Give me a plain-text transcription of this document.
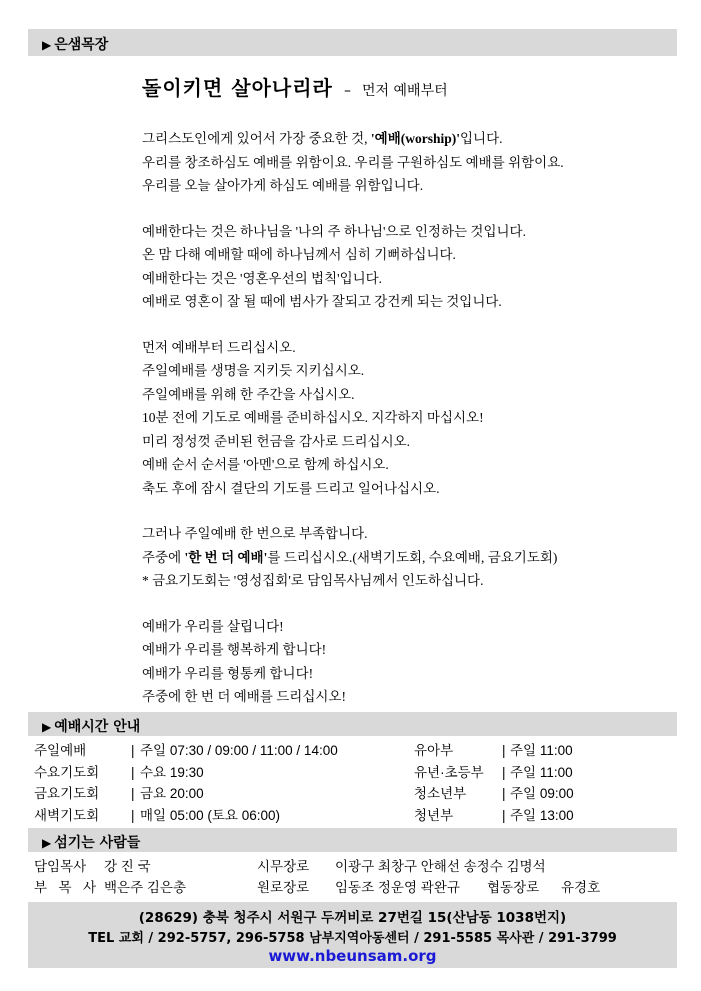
▶ 은샘목장
돌이키면 살아나리라 – 먼저 예배부터
그리스도인에게 있어서 가장 중요한 것, '예배(worship)'입니다.
우리를 창조하심도 예배를 위함이요. 우리를 구원하심도 예배를 위함이요.
우리를 오늘 살아가게 하심도 예배를 위함입니다.
예배한다는 것은 하나님을 '나의 주 하나님'으로 인정하는 것입니다.
온 맘 다해 예배할 때에 하나님께서 심히 기뻐하십니다.
예배한다는 것은 '영혼우선의 법칙'입니다.
예배로 영혼이 잘 될 때에 범사가 잘되고 강건케 되는 것입니다.
먼저 예배부터 드리십시오.
주일예배를 생명을 지키듯 지키십시오.
주일예배를 위해 한 주간을 사십시오.
10분 전에 기도로 예배를 준비하십시오. 지각하지 마십시오!
미리 정성껏 준비된 헌금을 감사로 드리십시오.
예배 순서 순서를 '아멘'으로 함께 하십시오.
축도 후에 잠시 결단의 기도를 드리고 일어나십시오.
그러나 주일예배 한 번으로 부족합니다.
주중에 '한 번 더 예배'를 드리십시오.(새벽기도회, 수요예배, 금요기도회)
* 금요기도회는 '영성집회'로 담임목사님께서 인도하십니다.
예배가 우리를 살립니다!
예배가 우리를 행복하게 합니다!
예배가 우리를 형통케 합니다!
주중에 한 번 더 예배를 드리십시오!
▶ 예배시간 안내
주일예배	| 주일 07:30 / 09:00 / 11:00 / 14:00	유아부	| 주일 11:00
수요기도회	| 수요 19:30	유년·초등부	| 주일 11:00
금요기도회	| 금요 20:00	청소년부	| 주일 09:00
새벽기도회	| 매일 05:00 (토요 06:00)	청년부	| 주일 13:00
▶ 섬기는 사람들
담임목사	강 진 국	시무장로 이광구 최창구 안해선 송정수 김명석
부 목 사 백은주 김은총	원로장로 임동조 정운영 곽완규 협동장로 유경호
(28629) 충북 청주시 서원구 두꺼비로 27번길 15(산남동 1038번지)
TEL 교회 / 292-5757, 296-5758 남부지역아동센터 / 291-5585 목사관 / 291-3799
www.nbeunsam.org
